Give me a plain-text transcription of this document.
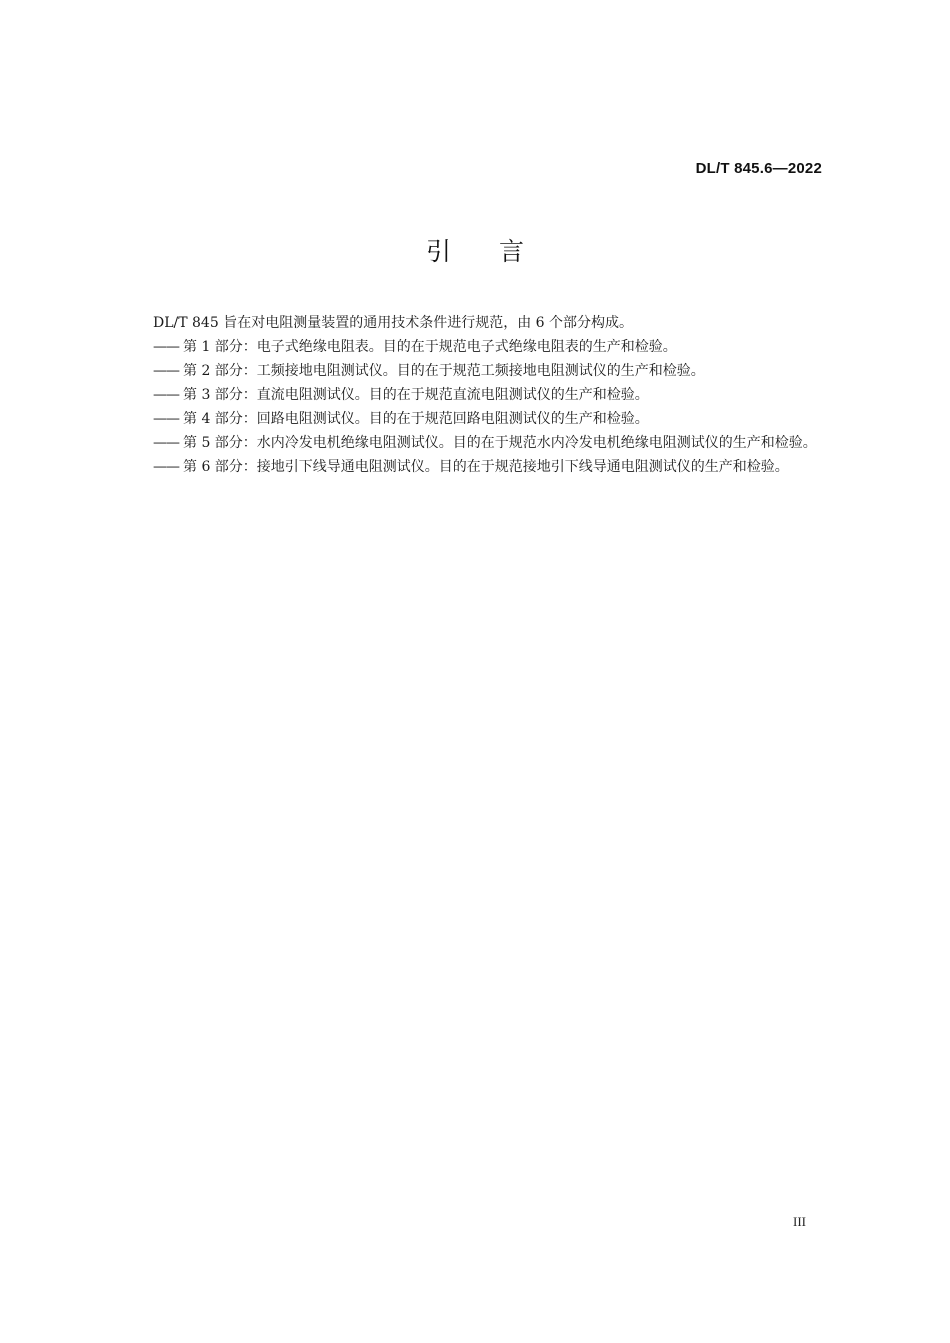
DL/T 845.6—2022
引言

DL/T 845 旨在对电阻测量装置的通用技术条件进行规范，由 6 个部分构成。

—— 第 1 部分：电子式绝缘电阻表。目的在于规范电子式绝缘电阻表的生产和检验。
—— 第 2 部分：工频接地电阻测试仪。目的在于规范工频接地电阻测试仪的生产和检验。
—— 第 3 部分：直流电阻测试仪。目的在于规范直流电阻测试仪的生产和检验。
—— 第 4 部分：回路电阻测试仪。目的在于规范回路电阻测试仪的生产和检验。
—— 第 5 部分：水内冷发电机绝缘电阻测试仪。目的在于规范水内冷发电机绝缘电阻测试仪的生产和检验。
—— 第 6 部分：接地引下线导通电阻测试仪。目的在于规范接地引下线导通电阻测试仪的生产和检验。
III
